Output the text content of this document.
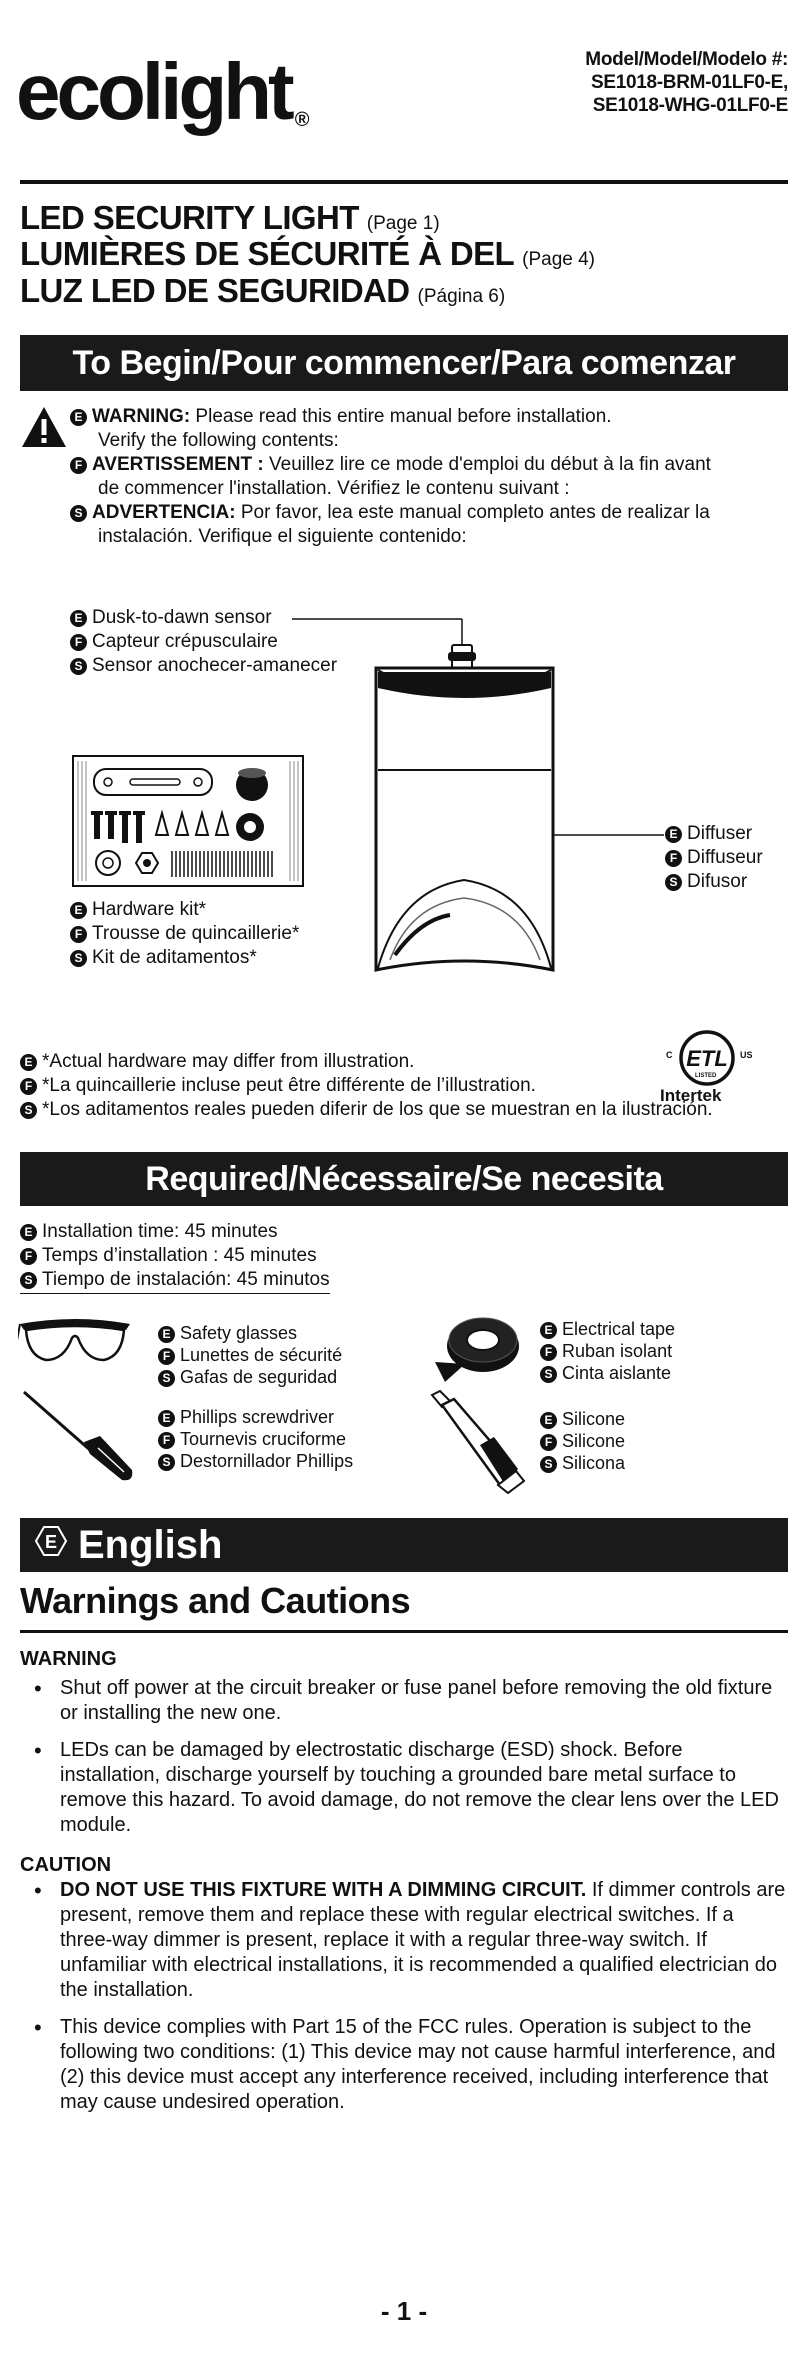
Model/Model/Modelo #:
SE1018-BRM-01LF0-E,
SE1018-WHG-01LF0-E
ecolight ®
LED SECURITY LIGHT (Page 1)
LUMIÈRES DE SÉCURITÉ À DEL (Page 4)
LUZ LED DE SEGURIDAD (Página 6)
To Begin/Pour commencer/Para comenzar
E WARNING: Please read this entire manual before installation.
Verify the following contents:
F AVERTISSEMENT : Veuillez lire ce mode d'emploi du début à la fin avant
de commencer l'installation. Vérifiez le contenu suivant :
S ADVERTENCIA: Por favor, lea este manual completo antes de realizar la
instalación. Verifique el siguiente contenido:
E Dusk-to-dawn sensor
F Capteur crépusculaire
S Sensor anochecer-amanecer
E Diffuser
F Diffuseur
S Difusor
E Hardware kit*
F Trousse de quincaillerie*
S Kit de aditamentos*
ETL
C	US
LISTED
Intertek
E *Actual hardware may differ from illustration.
F *La quincaillerie incluse peut être différente de l’illustration.
S *Los aditamentos reales pueden diferir de los que se muestran en la ilustración.
Required/Nécessaire/Se necesita
E Installation time: 45 minutes
F Temps d’installation : 45 minutes
S Tiempo de instalación: 45 minutos
E Safety glasses
F Lunettes de sécurité
S Gafas de seguridad
E Phillips screwdriver
F Tournevis cruciforme
S Destornillador Phillips
E Electrical tape
F Ruban isolant
S Cinta aislante
E Silicone
F Silicone
S Silicona
E English
Warnings and Cautions
WARNING
• Shut off power at the circuit breaker or fuse panel before removing the old fixture or installing the new one.
• LEDs can be damaged by electrostatic discharge (ESD) shock. Before installation, discharge yourself by touching a grounded bare metal surface to remove this hazard. To avoid damage, do not remove the clear lens over the LED module.
CAUTION
• DO NOT USE THIS FIXTURE WITH A DIMMING CIRCUIT. If dimmer controls are present, remove them and replace these with regular electrical switches. If a three-way dimmer is present, replace it with a regular three-way switch. If unfamiliar with electrical installations, it is recommended a qualified electrician do the installation.
• This device complies with Part 15 of the FCC rules. Operation is subject to the following two conditions: (1) This device may not cause harmful interference, and (2) this device must accept any interference received, including interference that may cause undesired operation.
- 1 -
